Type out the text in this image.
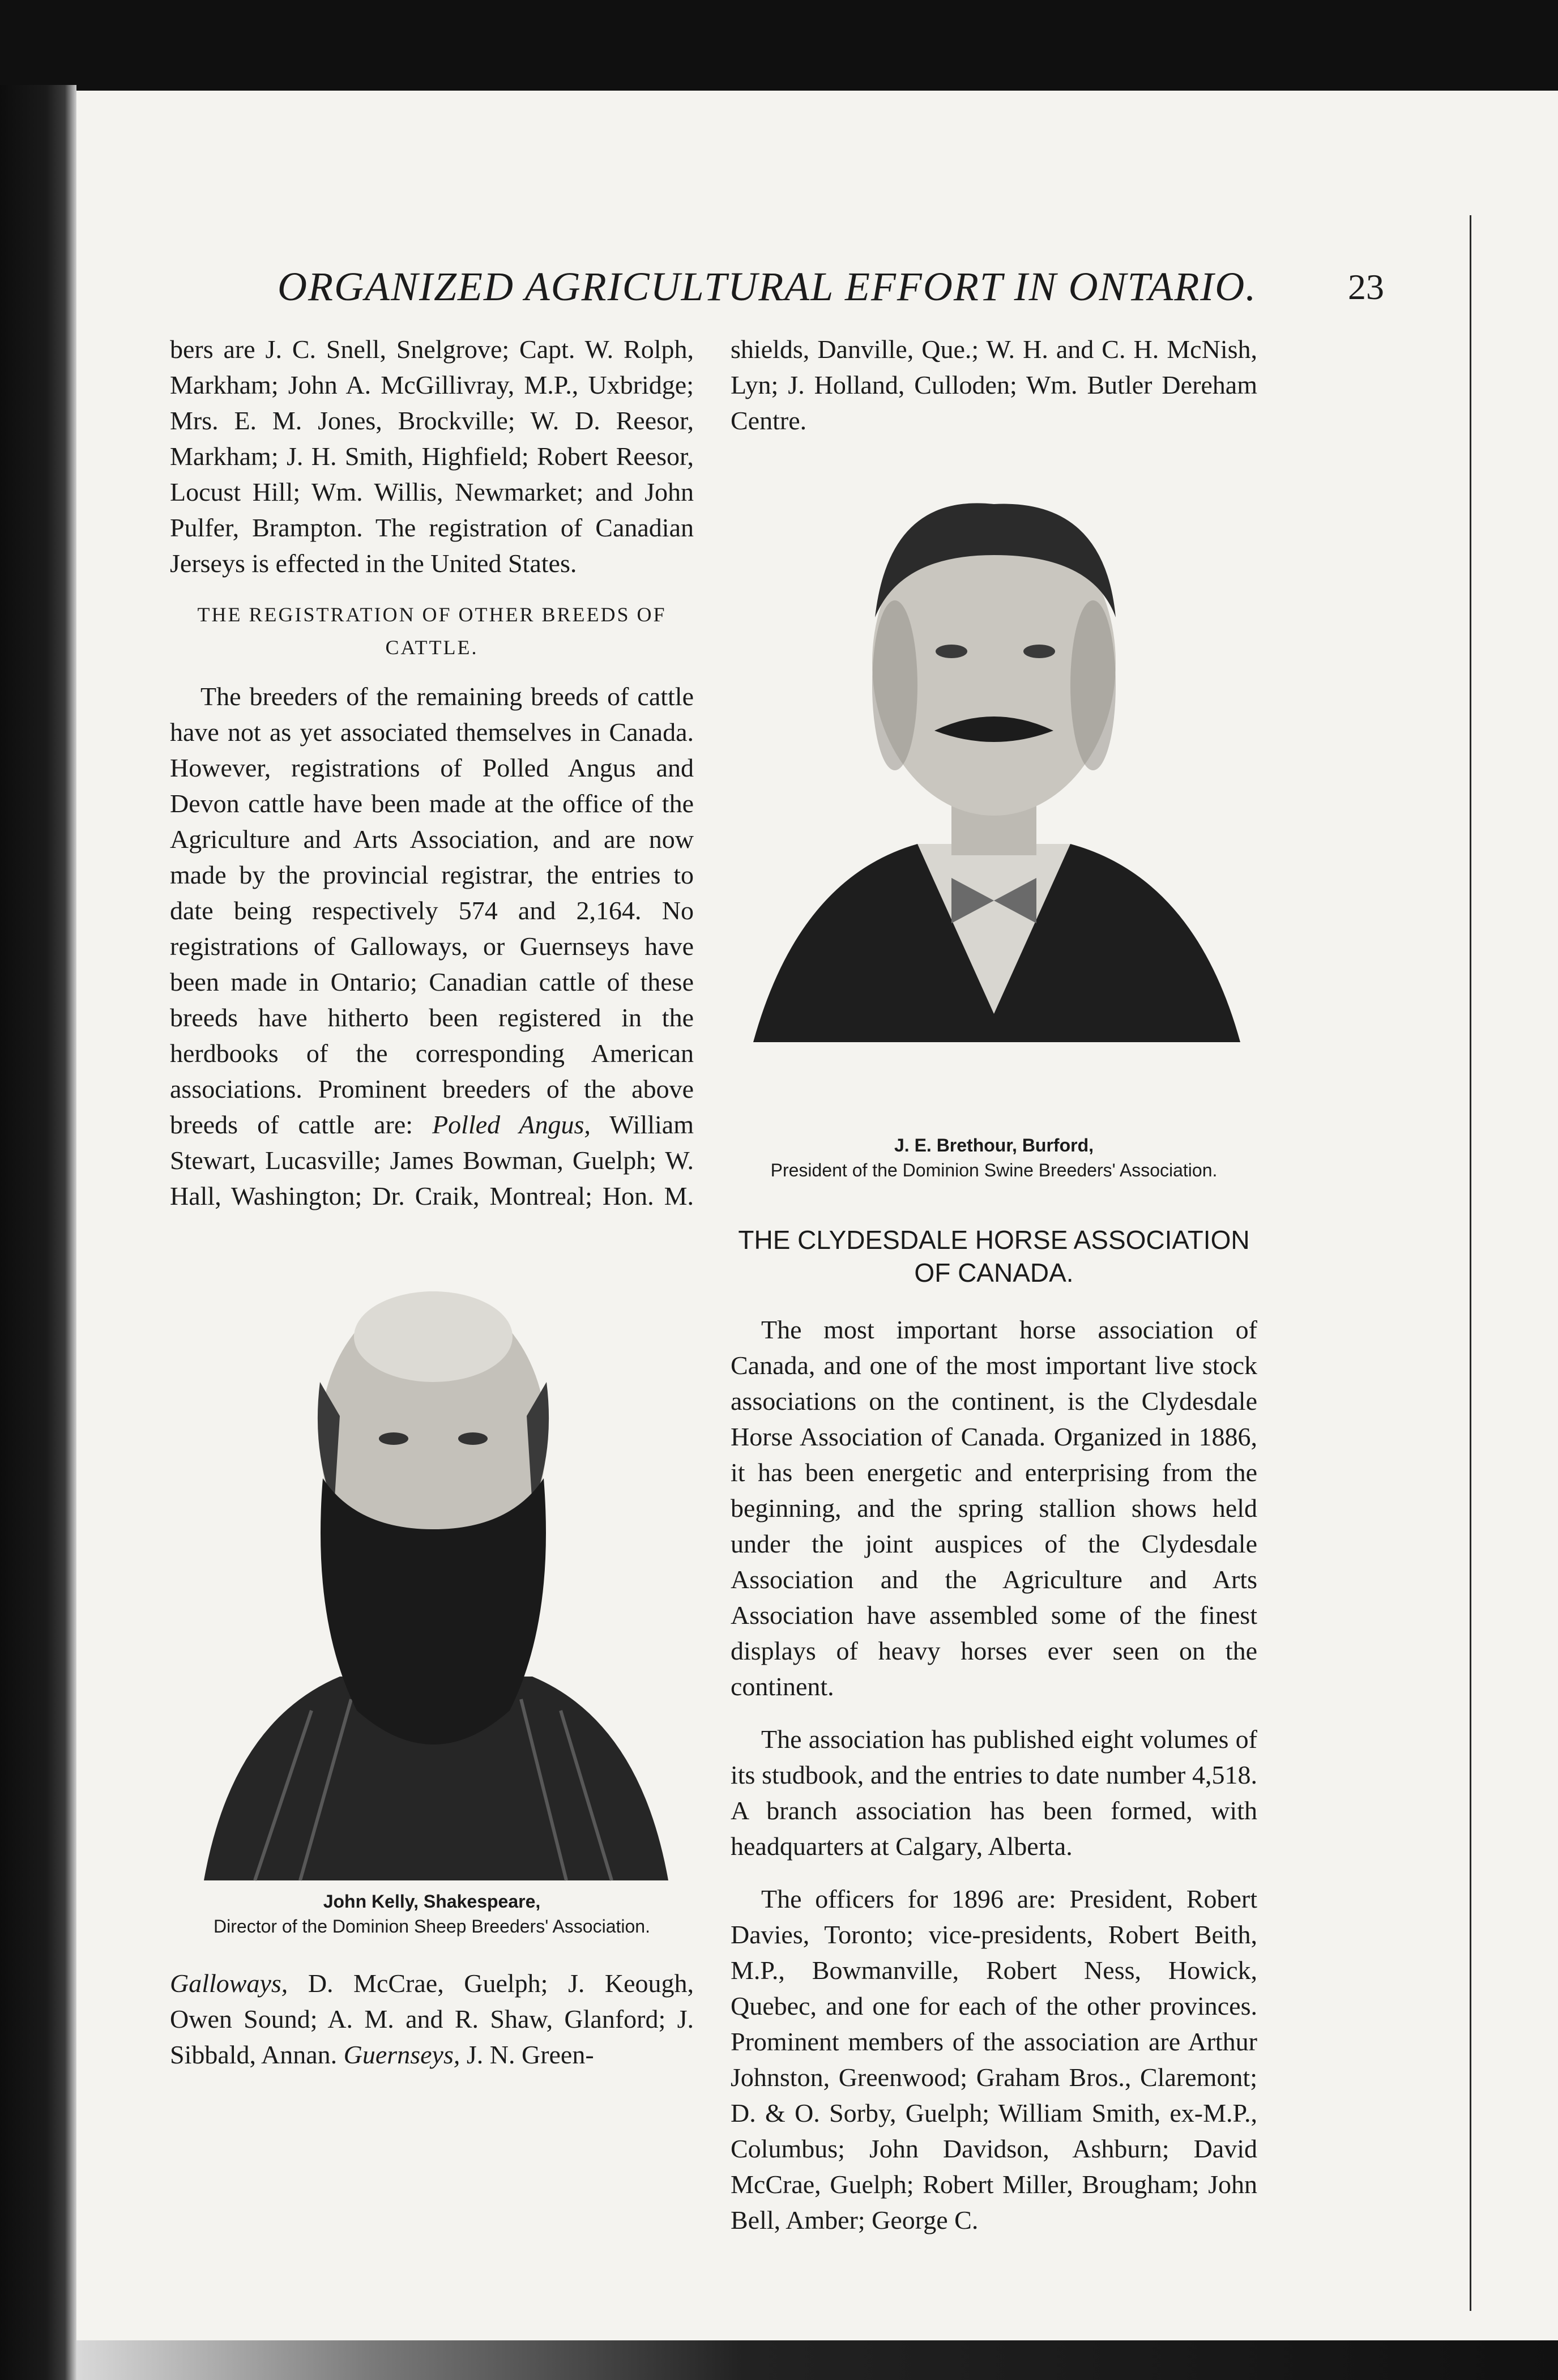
ORGANIZED AGRICULTURAL EFFORT IN ONTARIO.	23

bers are J. C. Snell, Snelgrove; Capt. W. Rolph, Markham; John A. McGillivray, M.P., Uxbridge; Mrs. E. M. Jones, Brockville; W. D. Reesor, Markham; J. H. Smith, Highfield; Robert Reesor, Locust Hill; Wm. Willis, Newmarket; and John Pulfer, Brampton. The registration of Canadian Jerseys is effected in the United States.

THE REGISTRATION OF OTHER BREEDS OF CATTLE.

The breeders of the remaining breeds of cattle have not as yet associated themselves in Canada. However, registrations of Polled Angus and Devon cattle have been made at the office of the Agriculture and Arts Association, and are now made by the provincial registrar, the entries to date being respectively 574 and 2,164. No registrations of Galloways, or Guernseys have been made in Ontario; Canadian cattle of these breeds have hitherto been registered in the herdbooks of the corresponding American associations. Prominent breeders of the above breeds of cattle are: Polled Angus, William Stewart, Lucasville; James Bowman, Guelph; W. Hall, Washington; Dr. Craik, Montreal; Hon. M.

shields, Danville, Que.; W. H. and C. H. McNish, Lyn; J. Holland, Culloden; Wm. Butler Dereham Centre.

J. E. Brethour, Burford,
President of the Dominion Swine Breeders' Association.
THE CLYDESDALE HORSE ASSOCIATION OF CANADA.

The most important horse association of Canada, and one of the most important live stock associations on the continent, is the Clydesdale Horse Association of Canada. Organized in 1886, it has been energetic and enterprising from the beginning, and the spring stallion shows held under the joint auspices of the Clydesdale Association and the Agriculture and Arts Association have assembled some of the finest displays of heavy horses ever seen on the continent.

The association has published eight volumes of its studbook, and the entries to date number 4,518. A branch association has been formed, with headquarters at Calgary, Alberta.

The officers for 1896 are: President, Robert Davies, Toronto; vice-presidents, Robert Beith, M.P., Bowmanville, Robert Ness, Howick, Quebec, and one for each of the other provinces. Prominent members of the association are Arthur Johnston, Greenwood; Graham Bros., Claremont; D. & O. Sorby, Guelph; William Smith, ex-M.P., Columbus; John Davidson, Ashburn; David McCrae, Guelph; Robert Miller, Brougham; John Bell, Amber; George C.

John Kelly, Shakespeare,
Director of the Dominion Sheep Breeders' Association.

Galloways, D. McCrae, Guelph; J. Keough, Owen Sound; A. M. and R. Shaw, Glanford; J. Sibbald, Annan. Guernseys, J. N. Green-
